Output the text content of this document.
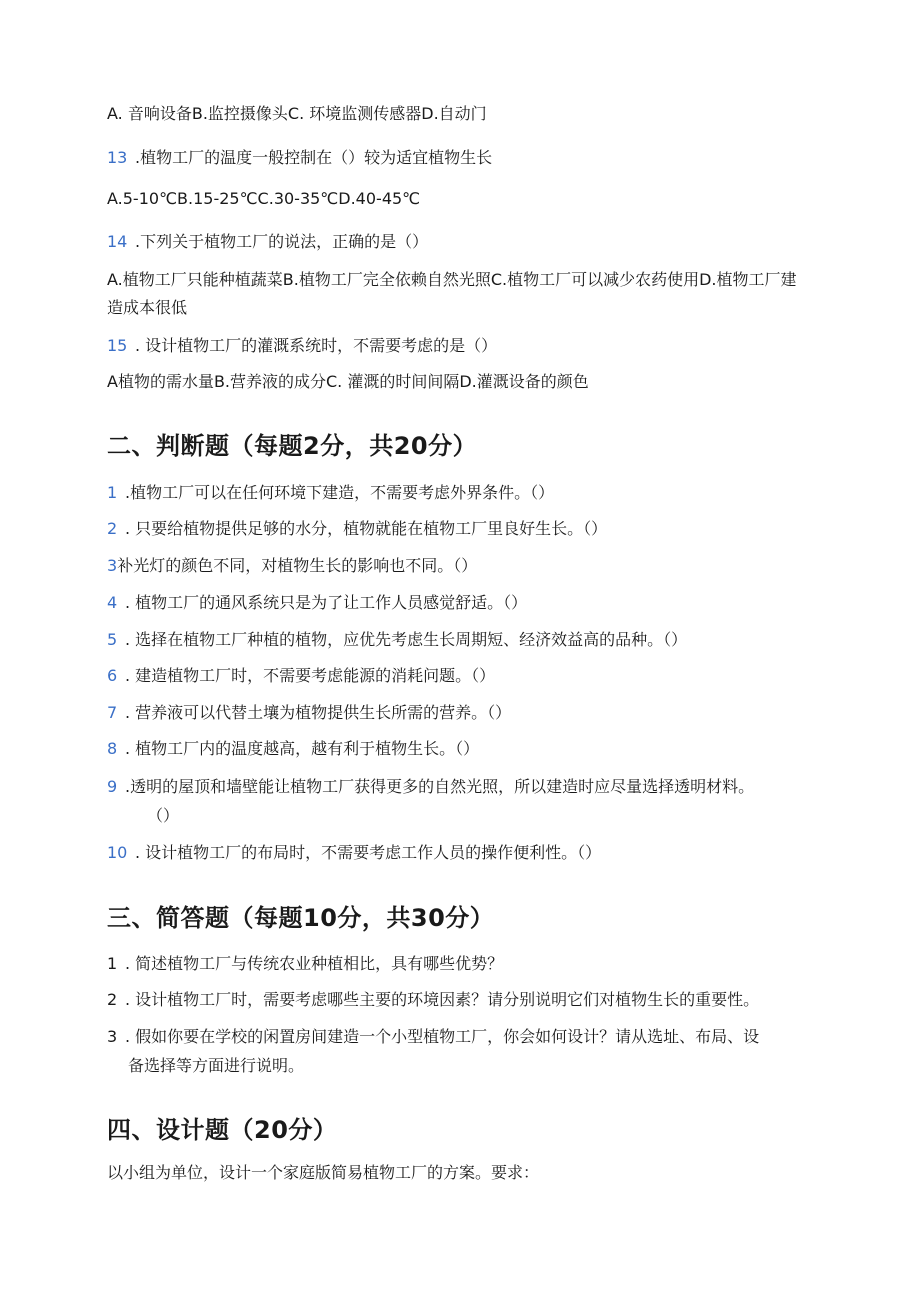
A. 音响设备B.监控摄像头C. 环境监测传感器D.自动门
13 .植物工厂的温度一般控制在（）较为适宜植物生长
A.5-10℃B.15-25℃C.30-35℃D.40-45℃
14 .下列关于植物工厂的说法，正确的是（）
A.植物工厂只能种植蔬菜B.植物工厂完全依赖自然光照C.植物工厂可以减少农药使用D.植物工厂建造成本很低
15 . 设计植物工厂的灌溉系统时，不需要考虑的是（）
A植物的需水量B.营养液的成分C. 灌溉的时间间隔D.灌溉设备的颜色
二、判断题（每题2分，共20分）
1 .植物工厂可以在任何环境下建造，不需要考虑外界条件。（）
2 . 只要给植物提供足够的水分，植物就能在植物工厂里良好生长。（）
3补光灯的颜色不同，对植物生长的影响也不同。（）
4 . 植物工厂的通风系统只是为了让工作人员感觉舒适。（）
5 . 选择在植物工厂种植的植物，应优先考虑生长周期短、经济效益高的品种。（）
6 . 建造植物工厂时，不需要考虑能源的消耗问题。（）
7 . 营养液可以代替土壤为植物提供生长所需的营养。（）
8 . 植物工厂内的温度越高，越有利于植物生长。（）
9 .透明的屋顶和墙壁能让植物工厂获得更多的自然光照，所以建造时应尽量选择透明材料。
（）
10 . 设计植物工厂的布局时，不需要考虑工作人员的操作便利性。（）
三、简答题（每题10分，共30分）
1 . 简述植物工厂与传统农业种植相比，具有哪些优势？
2 . 设计植物工厂时，需要考虑哪些主要的环境因素？请分别说明它们对植物生长的重要性。
3 . 假如你要在学校的闲置房间建造一个小型植物工厂，你会如何设计？请从选址、布局、设
备选择等方面进行说明。
四、设计题（20分）
以小组为单位，设计一个家庭版简易植物工厂的方案。要求：
